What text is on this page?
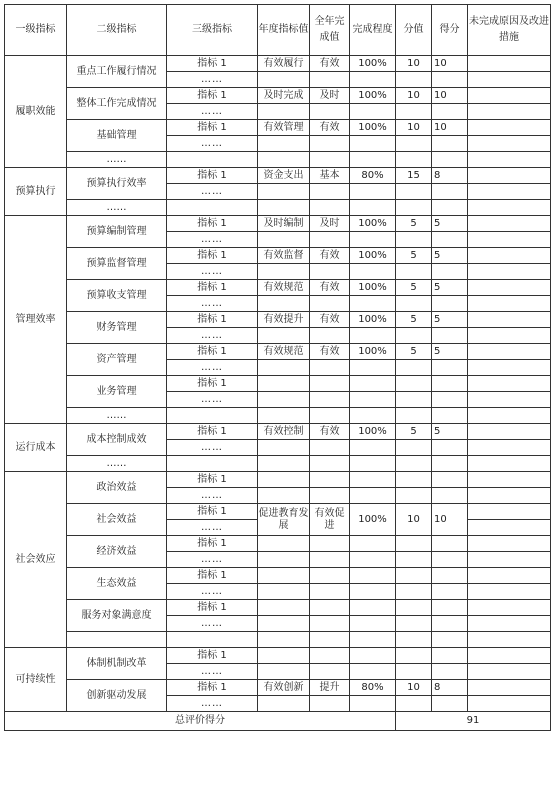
一级指标	二级指标	三级指标	年度指标值	全年完成值	完成程度	分值	得分	未完成原因及改进措施
履职效能	重点工作履行情况	指标 1	有效履行	有效	100%	10	10	
		……						
	整体工作完成情况	指标 1	及时完成	及时	100%	10	10	
		……						
	基础管理	指标 1	有效管理	有效	100%	10	10	
		……						
	……							
预算执行	预算执行效率	指标 1	资金支出	基本	80%	15	8	
		……						
	……							
管理效率	预算编制管理	指标 1	及时编制	及时	100%	5	5	
		……						
	预算监督管理	指标 1	有效监督	有效	100%	5	5	
		……						
	预算收支管理	指标 1	有效规范	有效	100%	5	5	
		……						
	财务管理	指标 1	有效提升	有效	100%	5	5	
		……						
	资产管理	指标 1	有效规范	有效	100%	5	5	
		……						
	业务管理	指标 1						
		……						
	……							
运行成本	成本控制成效	指标 1	有效控制	有效	100%	5	5	
		……						
	……							
社会效应	政治效益	指标 1						
		……						
	社会效益	指标 1	促进教育发展	有效促进	100%	10	10	
		……						
	经济效益	指标 1						
		……						
	生态效益	指标 1						
		……						
	服务对象满意度	指标 1						
		……						

可持续性	体制机制改革	指标 1						
		……						
	创新驱动发展	指标 1	有效创新	提升	80%	10	8	
		……						
总评价得分						91		
